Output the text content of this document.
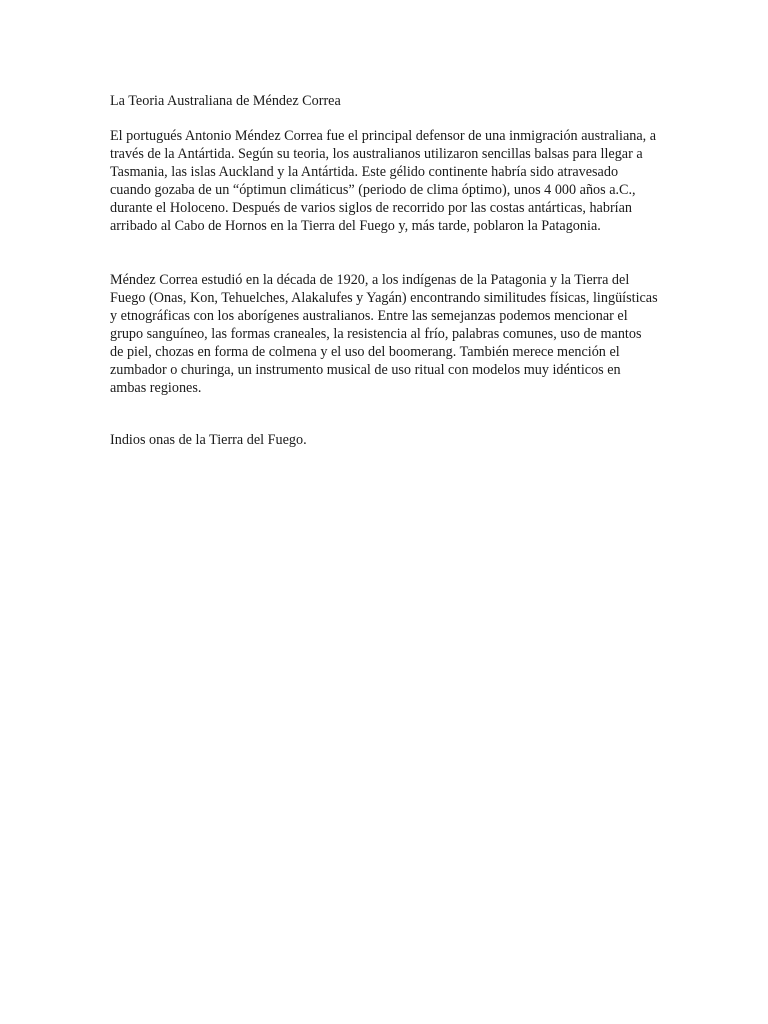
La Teoria Australiana de Méndez Correa

El portugués Antonio Méndez Correa fue el principal defensor de una inmigración australiana, a través de la Antártida. Según su teoria, los australianos utilizaron sencillas balsas para llegar a Tasmania, las islas Auckland y la Antártida. Este gélido continente habría sido atravesado cuando gozaba de un “óptimun climáticus” (periodo de clima óptimo), unos 4 000 años a.C., durante el Holoceno. Después de varios siglos de recorrido por las costas antárticas, habrían arribado al Cabo de Hornos en la Tierra del Fuego y, más tarde, poblaron la Patagonia.

Méndez Correa estudió en la década de 1920, a los indígenas de la Patagonia y la Tierra del Fuego (Onas, Kon, Tehuelches, Alakalufes y Yagán) encontrando similitudes físicas, lingüísticas y etnográficas con los aborígenes australianos. Entre las semejanzas podemos mencionar el grupo sanguíneo, las formas craneales, la resistencia al frío, palabras comunes, uso de mantos de piel, chozas en forma de colmena y el uso del boomerang. También merece mención el zumbador o churinga, un instrumento musical de uso ritual con modelos muy idénticos en ambas regiones.

Indios onas de la Tierra del Fuego.
